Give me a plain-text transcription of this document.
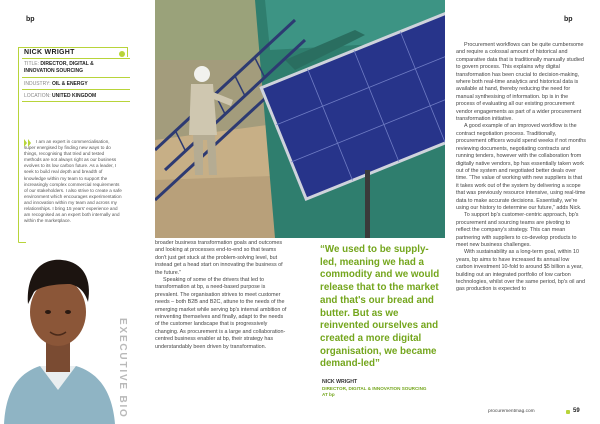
bp	bp
NICK WRIGHT
TITLE: DIRECTOR, DIGITAL & INNOVATION SOURCING
INDUSTRY: OIL & ENERGY
LOCATION: UNITED KINGDOM

I am an expert in commercialisation, super energised by finding new ways to do things, recognising that tried and tested methods are not always right as our business evolves to its low carbon future. As a leader, I seek to build real depth and breadth of knowledge within my team to support the increasingly complex commercial requirements of our stakeholders. I also strive to create a safe environment which encourages experimentation and innovation within my team and across my relationships. I bring 15 years' experience and am recognised as an expert both internally and within the marketplace.

EXECUTIVE BIO

broader business transformation goals and outcomes and looking at processes end-to-end so that teams don't just get stuck at the problem-solving level, but instead get a head start on innovating the business of the future.”

Speaking of some of the drivers that led to transformation at bp, a need-based purpose is prevalent. The organisation strives to meet customer needs – both B2B and B2C, attune to the needs of the emerging market while serving bp's internal ambition of reinventing themselves and finally, adapt to the needs of the customer landscape that is progressively changing. As procurement is a large and collaboration-centred business enabler at bp, their strategy has understandably been driven by transformation.

“We used to be supply-led, meaning we had a commodity and we would release that to the market and that's our bread and butter. But as we reinvented ourselves and created a more digital organisation, we became demand-led”

NICK WRIGHT
DIRECTOR, DIGITAL & INNOVATION SOURCING AT bp

Procurement workflows can be quite cumbersome and require a colossal amount of historical and comparative data that is traditionally manually studied to govern process. This explains why digital transformation has been crucial to decision-making, where both real-time analytics and historical data is available at hand, thereby reducing the need for manual synthesising of information. bp is in the process of evaluating all our existing procurement vendor engagements as part of a wider procurement transformation initiative.

A good example of an improved workflow is the contract negotiation process. Traditionally, procurement officers would spend weeks if not months reviewing documents, negotiating contracts and running tenders, however with the collaboration from digitally native vendors, bp has essentially taken work out of the system and negotiated better deals over time. “The value of working with new suppliers is that it takes work out of the system by delivering a scope that was previously resource intensive, using real-time data to make accurate decisions. Essentially, we're using our history to determine our future,” adds Nick.

To support bp's customer-centric approach, bp's procurement and sourcing teams are pivoting to reflect the company's strategy. This can mean partnering with suppliers to co-develop products to meet new business challenges.

With sustainability as a long-term goal, within 10 years, bp aims to have increased its annual low carbon investment 10-fold to around $5 billion a year, building out an integrated portfolio of low carbon technologies, whilst over the same period, bp's oil and gas production is expected to

procurementmag.com	59
